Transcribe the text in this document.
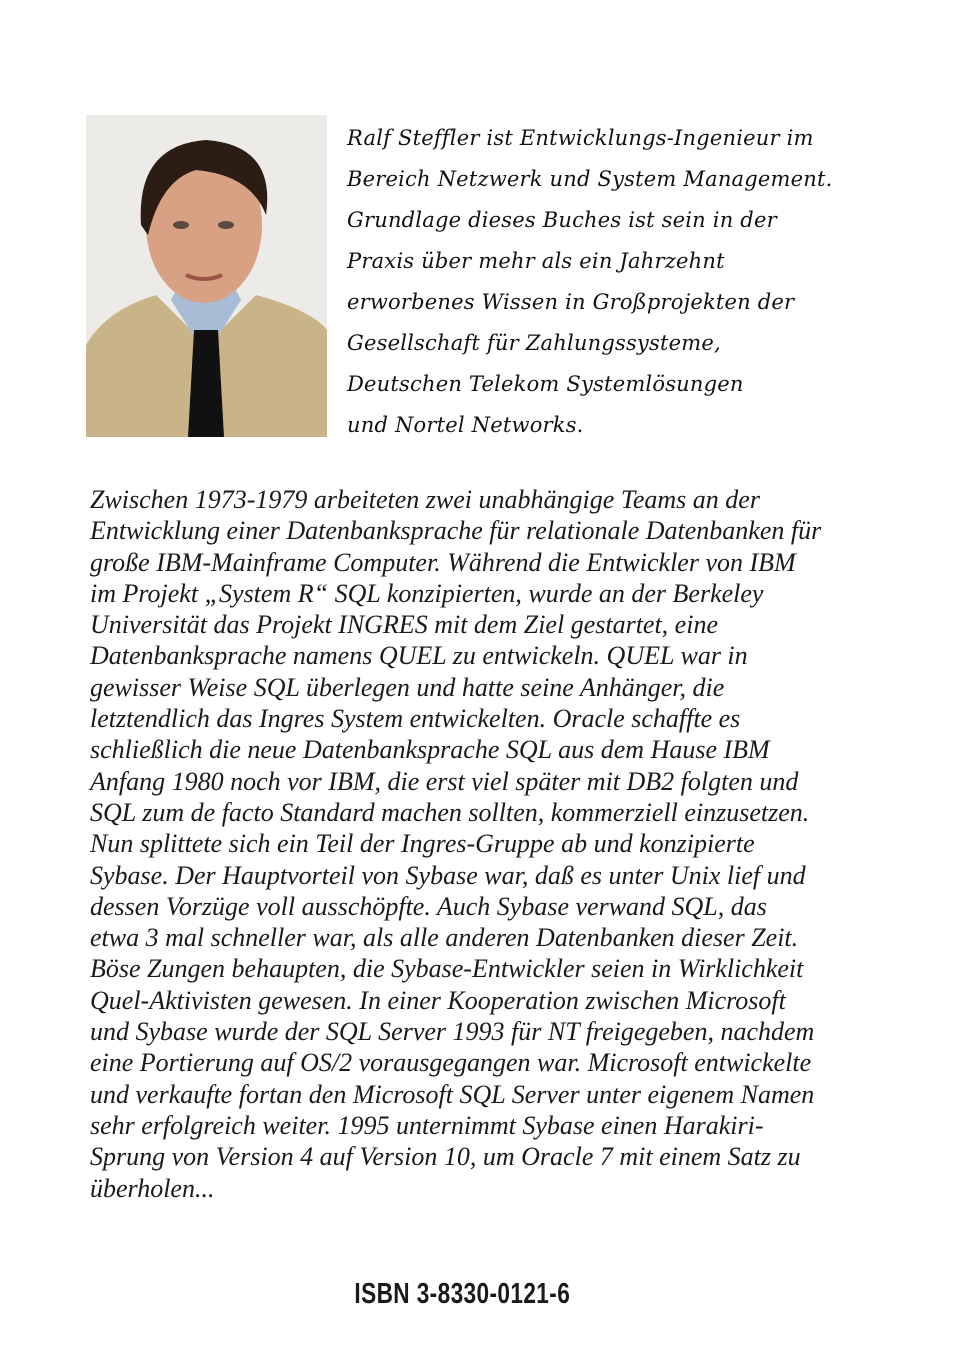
Ralf Steffler ist Entwicklungs-Ingenieur im
Bereich Netzwerk und System Management.
Grundlage dieses Buches ist sein in der
Praxis über mehr als ein Jahrzehnt
erworbenes Wissen in Großprojekten der
Gesellschaft für Zahlungssysteme,
Deutschen Telekom Systemlösungen
und Nortel Networks.
Zwischen 1973-1979 arbeiteten zwei unabhängige Teams an der
Entwicklung einer Datenbanksprache für relationale Datenbanken für
große IBM-Mainframe Computer. Während die Entwickler von IBM
im Projekt „System R“ SQL konzipierten, wurde an der Berkeley
Universität das Projekt INGRES mit dem Ziel gestartet, eine
Datenbanksprache namens QUEL zu entwickeln. QUEL war in
gewisser Weise SQL überlegen und hatte seine Anhänger, die
letztendlich das Ingres System entwickelten. Oracle schaffte es
schließlich die neue Datenbanksprache SQL aus dem Hause IBM
Anfang 1980 noch vor IBM, die erst viel später mit DB2 folgten und
SQL zum de facto Standard machen sollten, kommerziell einzusetzen.
Nun splittete sich ein Teil der Ingres-Gruppe ab und konzipierte
Sybase. Der Hauptvorteil von Sybase war, daß es unter Unix lief und
dessen Vorzüge voll ausschöpfte. Auch Sybase verwand SQL, das
etwa 3 mal schneller war, als alle anderen Datenbanken dieser Zeit.
Böse Zungen behaupten, die Sybase-Entwickler seien in Wirklichkeit
Quel-Aktivisten gewesen. In einer Kooperation zwischen Microsoft
und Sybase wurde der SQL Server 1993 für NT freigegeben, nachdem
eine Portierung auf OS/2 vorausgegangen war. Microsoft entwickelte
und verkaufte fortan den Microsoft SQL Server unter eigenem Namen
sehr erfolgreich weiter. 1995 unternimmt Sybase einen Harakiri-
Sprung von Version 4 auf Version 10, um Oracle 7 mit einem Satz zu
überholen...
ISBN 3-8330-0121-6
